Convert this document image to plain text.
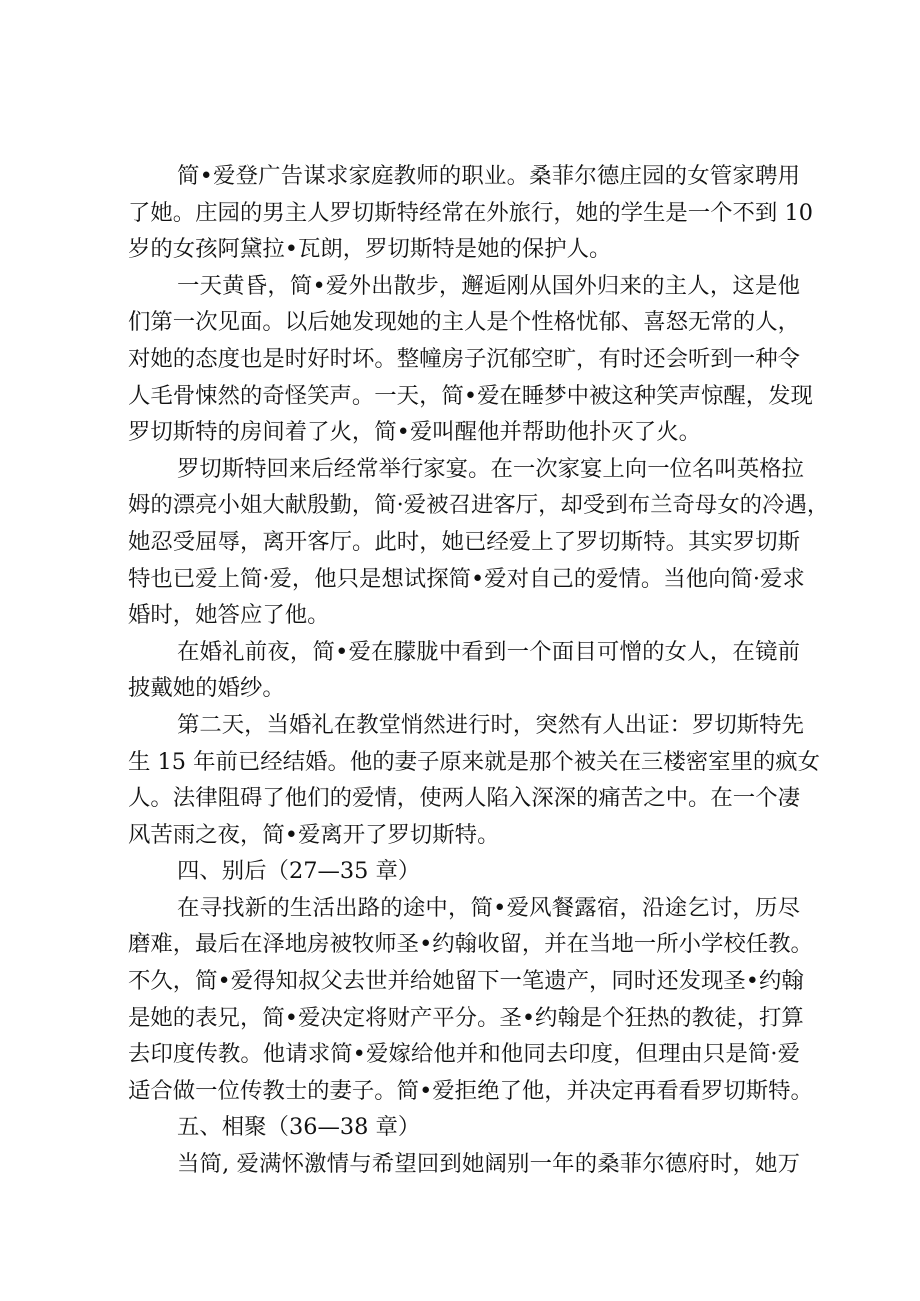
简•爱登广告谋求家庭教师的职业。桑菲尔德庄园的女管家聘用
了她。庄园的男主人罗切斯特经常在外旅行，她的学生是一个不到 10
岁的女孩阿黛拉•瓦朗，罗切斯特是她的保护人。
一天黄昏，简•爱外出散步，邂逅刚从国外归来的主人，这是他
们第一次见面。以后她发现她的主人是个性格忧郁、喜怒无常的人，
对她的态度也是时好时坏。整幢房子沉郁空旷，有时还会听到一种令
人毛骨悚然的奇怪笑声。一天，简•爱在睡梦中被这种笑声惊醒，发现
罗切斯特的房间着了火，简•爱叫醒他并帮助他扑灭了火。
罗切斯特回来后经常举行家宴。在一次家宴上向一位名叫英格拉
姆的漂亮小姐大献殷勤，简·爱被召进客厅，却受到布兰奇母女的冷遇，
她忍受屈辱，离开客厅。此时，她已经爱上了罗切斯特。其实罗切斯
特也已爱上简·爱，他只是想试探简•爱对自己的爱情。当他向简·爱求
婚时，她答应了他。
在婚礼前夜，简•爱在朦胧中看到一个面目可憎的女人，在镜前
披戴她的婚纱。
第二天，当婚礼在教堂悄然进行时，突然有人出证：罗切斯特先
生 15 年前已经结婚。他的妻子原来就是那个被关在三楼密室里的疯女
人。法律阻碍了他们的爱情，使两人陷入深深的痛苦之中。在一个凄
风苦雨之夜，简•爱离开了罗切斯特。
四、别后（27—35 章）
在寻找新的生活出路的途中，简•爱风餐露宿，沿途乞讨，历尽
磨难，最后在泽地房被牧师圣•约翰收留，并在当地一所小学校任教。
不久，简•爱得知叔父去世并给她留下一笔遗产，同时还发现圣•约翰
是她的表兄，简•爱决定将财产平分。圣•约翰是个狂热的教徒，打算
去印度传教。他请求简•爱嫁给他并和他同去印度，但理由只是简·爱
适合做一位传教士的妻子。简•爱拒绝了他，并决定再看看罗切斯特。
五、相聚（36—38 章）
当简, 爱满怀激情与希望回到她阔别一年的桑菲尔德府时，她万
